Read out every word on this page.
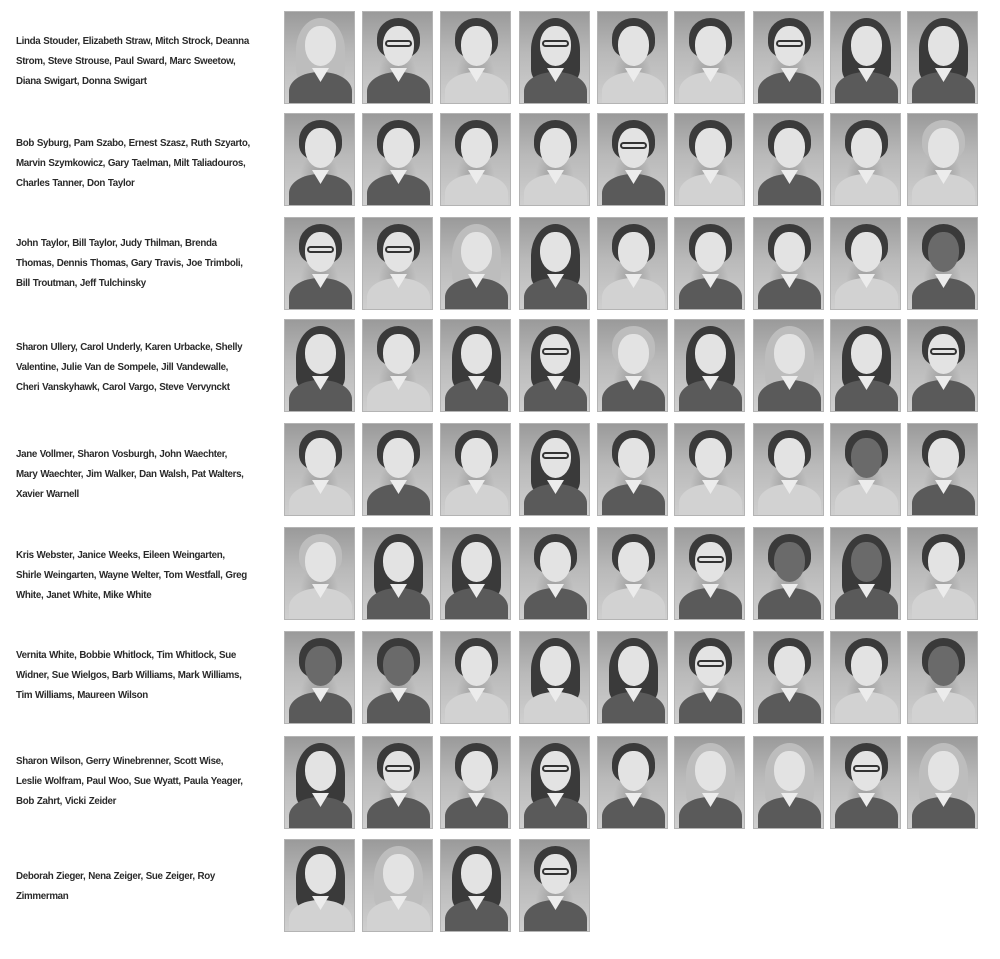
Linda Stouder, Elizabeth Straw, Mitch Strock, Deanna Strom, Steve Strouse, Paul Sward, Marc Sweetow, Diana Swigart, Donna Swigart
Bob Syburg, Pam Szabo, Ernest Szasz, Ruth Szyarto, Marvin Szymkowicz, Gary Taelman, Milt Taliadouros, Charles Tanner, Don Taylor
John Taylor, Bill Taylor, Judy Thilman, Brenda Thomas, Dennis Thomas, Gary Travis, Joe Trimboli, Bill Troutman, Jeff Tulchinsky
Sharon Ullery, Carol Underly, Karen Urbacke, Shelly Valentine, Julie Van de Sompele, Jill Vandewalle, Cheri Vanskyhawk, Carol Vargo, Steve Vervynckt
Jane Vollmer, Sharon Vosburgh, John Waechter, Mary Waechter, Jim Walker, Dan Walsh, Pat Walters, Xavier Warnell
Kris Webster, Janice Weeks, Eileen Weingarten, Shirle Weingarten, Wayne Welter, Tom Westfall, Greg White, Janet White, Mike White
Vernita White, Bobbie Whitlock, Tim Whitlock, Sue Widner, Sue Wielgos, Barb Williams, Mark Williams, Tim Williams, Maureen Wilson
Sharon Wilson, Gerry Winebrenner, Scott Wise, Leslie Wolfram, Paul Woo, Sue Wyatt, Paula Yeager, Bob Zahrt, Vicki Zeider
Deborah Zieger, Nena Zeiger, Sue Zeiger, Roy Zimmerman
